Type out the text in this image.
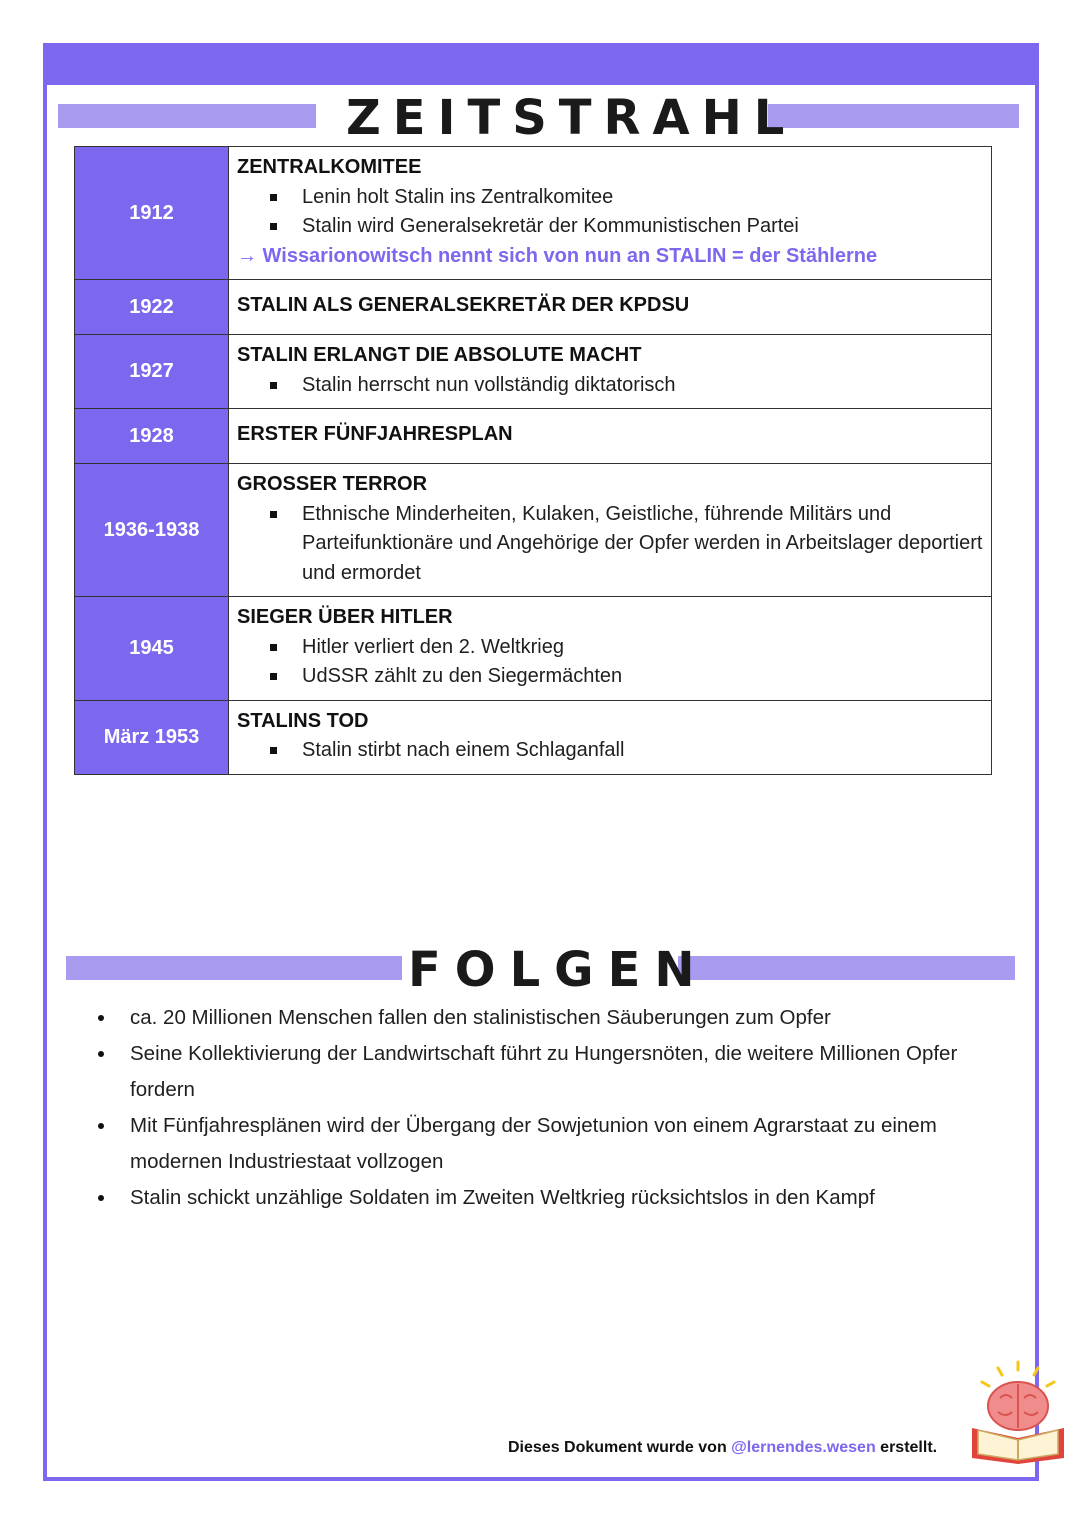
ZEITSTRAHL
1912	ZENTRALKOMITEE
Lenin holt Stalin ins Zentralkomitee
Stalin wird Generalsekretär der Kommunistischen Partei
→ Wissarionowitsch nennt sich von nun an STALIN = der Stählerne

1922	STALIN ALS GENERALSEKRETÄR DER KPDSU

1927	STALIN ERLANGT DIE ABSOLUTE MACHT
Stalin herrscht nun vollständig diktatorisch

1928	ERSTER FÜNFJAHRESPLAN

1936-1938	GROSSER TERROR
Ethnische Minderheiten, Kulaken, Geistliche, führende Militärs und Parteifunktionäre und Angehörige der Opfer werden in Arbeitslager deportiert und ermordet

1945	SIEGER ÜBER HITLER
Hitler verliert den 2. Weltkrieg
UdSSR zählt zu den Siegermächten

März 1953	STALINS TOD
Stalin stirbt nach einem Schlaganfall
FOLGEN
ca. 20 Millionen Menschen fallen den stalinistischen Säuberungen zum Opfer
Seine Kollektivierung der Landwirtschaft führt zu Hungersnöten, die weitere Millionen Opfer fordern
Mit Fünfjahresplänen wird der Übergang der Sowjetunion von einem Agrarstaat zu einem modernen Industriestaat vollzogen
Stalin schickt unzählige Soldaten im Zweiten Weltkrieg rücksichtslos in den Kampf
Dieses Dokument wurde von @lernendes.wesen erstellt.
